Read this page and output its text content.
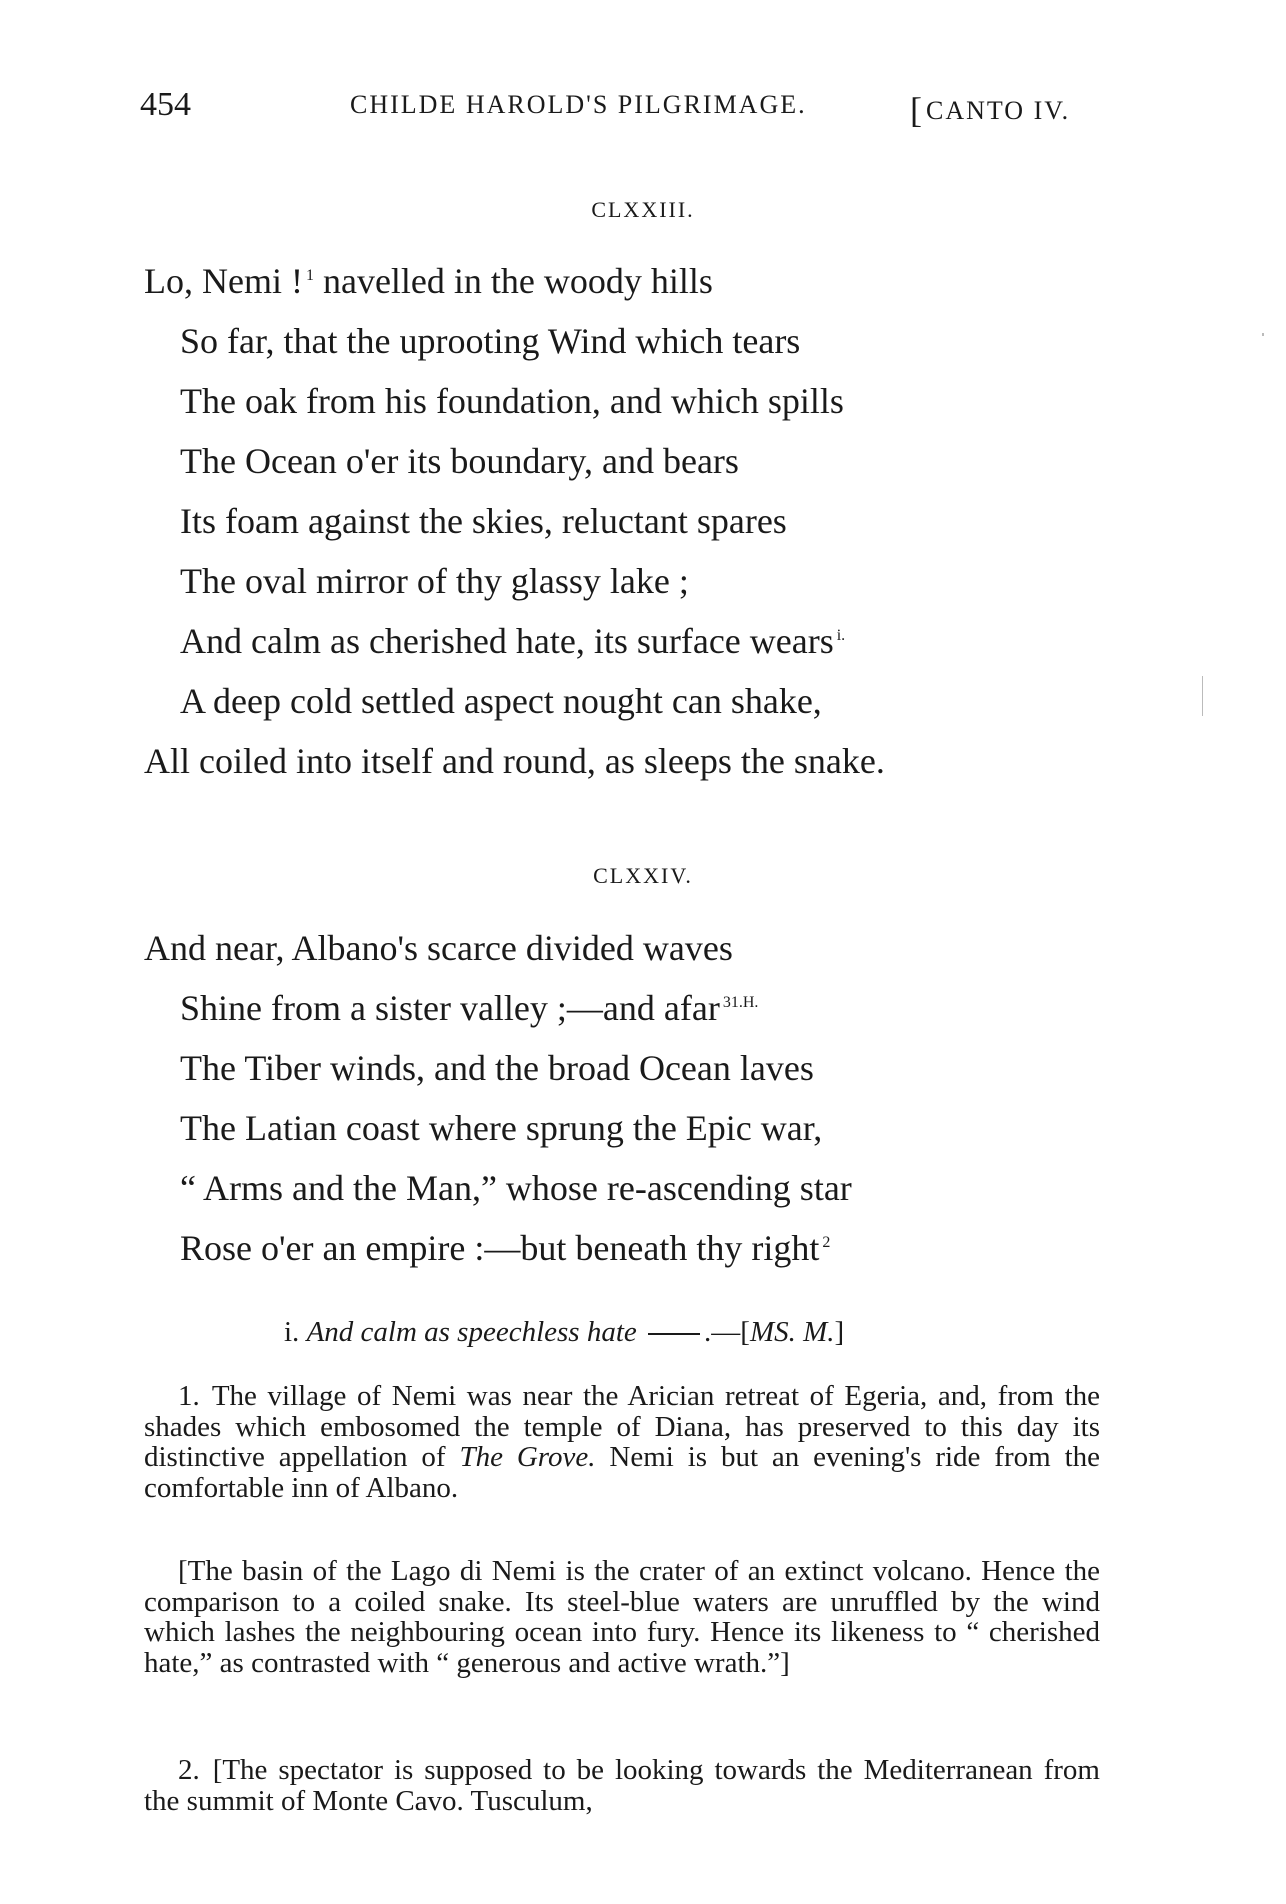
454	CHILDE HAROLD'S PILGRIMAGE.	[CANTO IV.
CLXXIII.
Lo, Nemi ! $^1$ navelled in the woody hills
So far, that the uprooting Wind which tears
The oak from his foundation, and which spills
The Ocean o'er its boundary, and bears
Its foam against the skies, reluctant spares
The oval mirror of thy glassy lake ;
And calm as cherished hate, its surface wears $^{i.}$
A deep cold settled aspect nought can shake,
All coiled into itself and round, as sleeps the snake.
CLXXIV.
And near, Albano's scarce divided waves
Shine from a sister valley ;—and afar $^{31.H.}$
The Tiber winds, and the broad Ocean laves
The Latian coast where sprung the Epic war,
“ Arms and the Man,” whose re-ascending star
Rose o'er an empire :—but beneath thy right $^2$
i. And calm as speechless hate .—[MS. M.]
1. The village of Nemi was near the Arician retreat of Egeria, and, from the shades which embosomed the temple of Diana, has preserved to this day its distinctive appellation of The Grove. Nemi is but an evening's ride from the comfortable inn of Albano.
[The basin of the Lago di Nemi is the crater of an extinct volcano. Hence the comparison to a coiled snake. Its steel-blue waters are unruffled by the wind which lashes the neighbouring ocean into fury. Hence its likeness to “ cherished hate,” as contrasted with “ generous and active wrath.”]
2. [The spectator is supposed to be looking towards the Mediterranean from the summit of Monte Cavo. Tusculum,
